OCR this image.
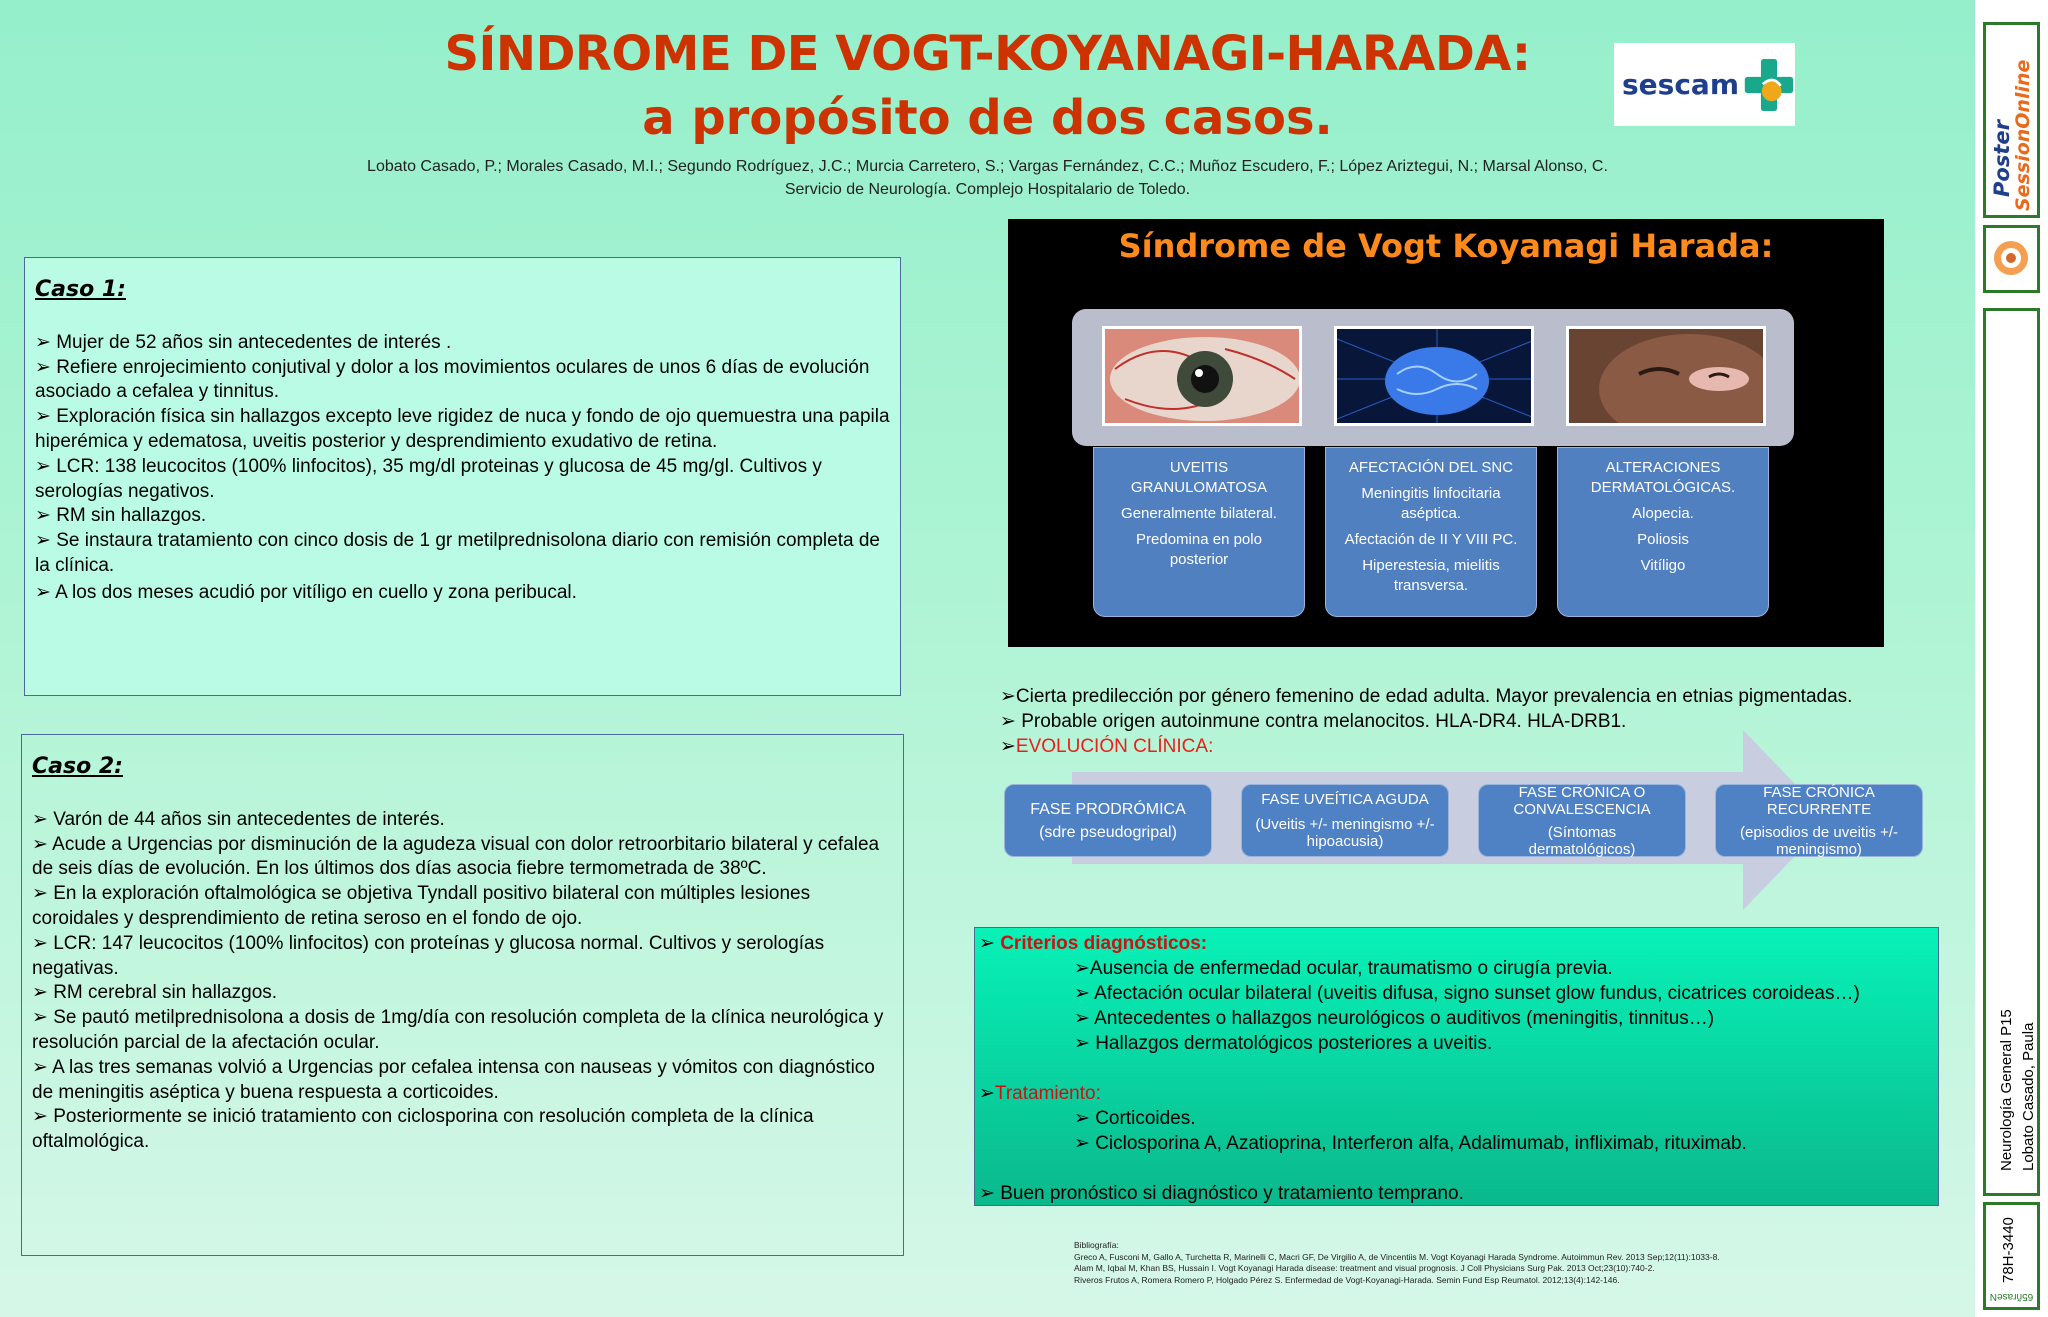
SÍNDROME DE VOGT-KOYANAGI-HARADA:
a propósito de dos casos.
Lobato Casado, P.; Morales Casado, M.I.; Segundo Rodríguez, J.C.; Murcia Carretero, S.; Vargas Fernández, C.C.; Muñoz Escudero, F.; López Ariztegui, N.; Marsal Alonso, C.
Servicio de Neurología. Complejo Hospitalario de Toledo.
sescam
Caso 1:

➢ Mujer de 52 años sin antecedentes de interés .

➢ Refiere enrojecimiento conjutival y dolor a los movimientos oculares de unos 6 días de evolución asociado a cefalea y tinnitus.

➢ Exploración física sin hallazgos excepto leve rigidez de nuca y fondo de ojo quemuestra una papila hiperémica y edematosa, uveitis posterior y desprendimiento exudativo de retina.

➢ LCR: 138 leucocitos (100% linfocitos), 35 mg/dl proteinas y glucosa de 45 mg/gl. Cultivos y serologías negativos.

➢ RM sin hallazgos.

➢ Se instaura tratamiento con cinco dosis de 1 gr metilprednisolona diario con remisión completa de la clínica.

➢ A los dos meses acudió por vitíligo en cuello y zona peribucal.

Caso 2:

➢ Varón de 44 años sin antecedentes de interés.

➢ Acude a Urgencias por disminución de la agudeza visual con dolor retroorbitario bilateral y cefalea de seis días de evolución. En los últimos dos días asocia fiebre termometrada de 38ºC.

➢ En la exploración oftalmológica se objetiva Tyndall positivo bilateral con múltiples lesiones coroidales y desprendimiento de retina seroso en el fondo de ojo.

➢ LCR: 147 leucocitos (100% linfocitos) con proteínas y glucosa normal. Cultivos y serologías negativas.

➢ RM cerebral sin hallazgos.

➢ Se pautó metilprednisolona a dosis de 1mg/día con resolución completa de la clínica neurológica y resolución parcial de la afectación ocular.

➢ A las tres semanas volvió a Urgencias por cefalea intensa con nauseas y vómitos con diagnóstico de meningitis aséptica y buena respuesta a corticoides.

➢ Posteriormente se inició tratamiento con ciclosporina con resolución completa de la clínica oftalmológica.

Síndrome de Vogt Koyanagi Harada:
UVEITIS
GRANULOMATOSA
Generalmente bilateral.
Predomina en polo posterior
AFECTACIÓN DEL SNC
Meningitis linfocitaria aséptica.
Afectación de II Y VIII PC.
Hiperestesia, mielitis transversa.
ALTERACIONES
DERMATOLÓGICAS.
Alopecia.
Poliosis
Vitíligo
➢Cierta predilección por género femenino de edad adulta. Mayor prevalencia en etnias pigmentadas.
➢ Probable origen autoinmune contra melanocitos. HLA-DR4. HLA-DRB1.
➢EVOLUCIÓN CLÍNICA:
FASE PRODRÓMICA
(sdre pseudogripal)
FASE UVEÍTICA AGUDA
(Uveitis +/- meningismo +/-hipoacusia)
FASE CRÓNICA O CONVALESCENCIA
(Síntomas dermatológicos)
FASE CRÓNICA RECURRENTE
(episodios de uveitis +/- meningismo)
➢ Criterios diagnósticos:
➢Ausencia de enfermedad ocular, traumatismo o cirugía previa.
➢ Afectación ocular bilateral (uveitis difusa, signo sunset glow fundus, cicatrices coroideas…)
➢ Antecedentes o hallazgos neurológicos o auditivos (meningitis, tinnitus…)
➢ Hallazgos dermatológicos posteriores a uveitis.
➢Tratamiento:
➢ Corticoides.
➢ Ciclosporina A, Azatioprina, Interferon alfa, Adalimumab, infliximab, rituximab.
➢ Buen pronóstico si diagnóstico y tratamiento temprano.
Bibliografía:
Greco A, Fusconi M, Gallo A, Turchetta R, Marinelli C, Macri GF, De Virgilio A, de Vincentiis M. Vogt Koyanagi Harada Syndrome. Autoimmun Rev. 2013 Sep;12(11):1033-8.
Alam M, Iqbal M, Khan BS, Hussain I. Vogt Koyanagi Harada disease: treatment and visual prognosis. J Coll Physicians Surg Pak. 2013 Oct;23(10):740-2.
Riveros Frutos A, Romera Romero P, Holgado Pérez S. Enfermedad de Vogt-Koyanagi-Harada. Semin Fund Esp Reumatol. 2012;13(4):142-146.
Poster
SessionOnline
Neurología General P15 Lobato Casado, Paula
78H-3440
65ñraseN
